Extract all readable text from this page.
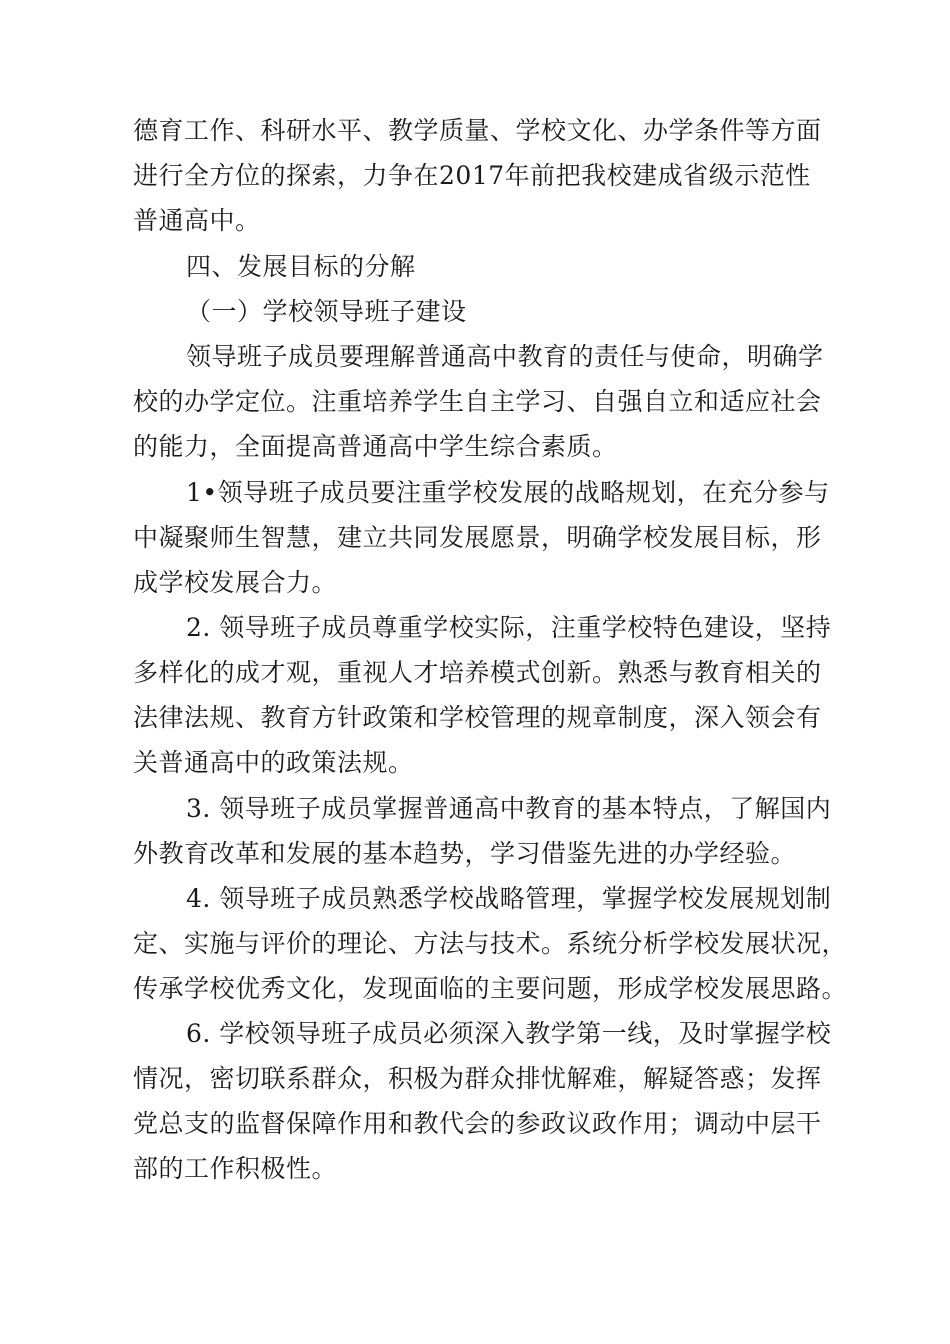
德育工作、科研水平、教学质量、学校文化、办学条件等方面
进行全方位的探索，力争在2017年前把我校建成省级示范性
普通高中。
四、发展目标的分解
（一）学校领导班子建设
领导班子成员要理解普通高中教育的责任与使命，明确学
校的办学定位。注重培养学生自主学习、自强自立和适应社会
的能力，全面提高普通高中学生综合素质。
1•领导班子成员要注重学校发展的战略规划，在充分参与
中凝聚师生智慧，建立共同发展愿景，明确学校发展目标，形
成学校发展合力。
2. 领导班子成员尊重学校实际，注重学校特色建设，坚持
多样化的成才观，重视人才培养模式创新。熟悉与教育相关的
法律法规、教育方针政策和学校管理的规章制度，深入领会有
关普通高中的政策法规。
3. 领导班子成员掌握普通高中教育的基本特点，了解国内
外教育改革和发展的基本趋势，学习借鉴先进的办学经验。
4. 领导班子成员熟悉学校战略管理，掌握学校发展规划制
定、实施与评价的理论、方法与技术。系统分析学校发展状况，
传承学校优秀文化，发现面临的主要问题，形成学校发展思路。
6. 学校领导班子成员必须深入教学第一线，及时掌握学校
情况，密切联系群众，积极为群众排忧解难，解疑答惑；发挥
党总支的监督保障作用和教代会的参政议政作用；调动中层干
部的工作积极性。
